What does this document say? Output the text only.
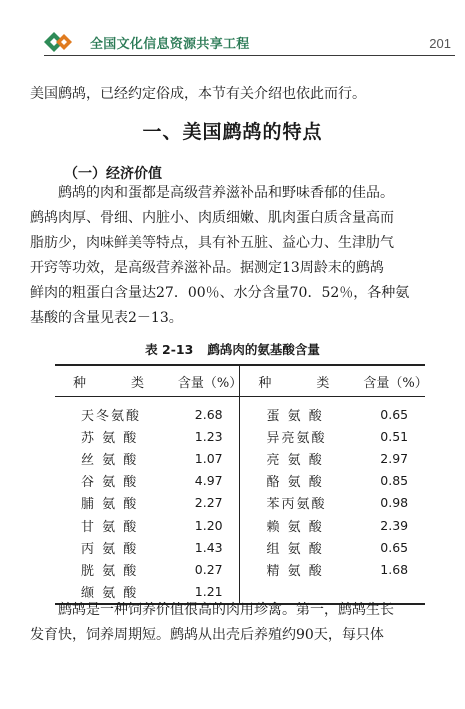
全国文化信息资源共享工程	201

美国鹧鸪，已经约定俗成，本节有关介绍也依此而行。

一、美国鹧鸪的特点
（一）经济价值

鹧鸪的肉和蛋都是高级营养滋补品和野味香郁的佳品。
鹧鸪肉厚、骨细、内脏小、肉质细嫩、肌肉蛋白质含量高而
脂肪少，肉味鲜美等特点，具有补五脏、益心力、生津肋气
开窍等功效，是高级营养滋补品。据测定13周龄末的鹧鸪
鲜肉的粗蛋白含量达27．00％、水分含量70．52％，各种氨
基酸的含量见表2－13。

表 2-13 鹧鸪肉的氨基酸含量

种　类	含量（%）	种　类	含量（%）
天冬氨酸	2.68	蛋 氨 酸	0.65
苏 氨 酸	1.23	异亮氨酸	0.51
丝 氨 酸	1.07	亮 氨 酸	2.97
谷 氨 酸	4.97	酪 氨 酸	0.85
脯 氨 酸	2.27	苯丙氨酸	0.98
甘 氨 酸	1.20	赖 氨 酸	2.39
丙 氨 酸	1.43	组 氨 酸	0.65
胱 氨 酸	0.27	精 氨 酸	1.68
缬 氨 酸	1.21		

鹧鸪是一种饲养价值很高的肉用珍禽。第一，鹧鸪生长
发育快，饲养周期短。鹧鸪从出壳后养殖约90天，每只体
